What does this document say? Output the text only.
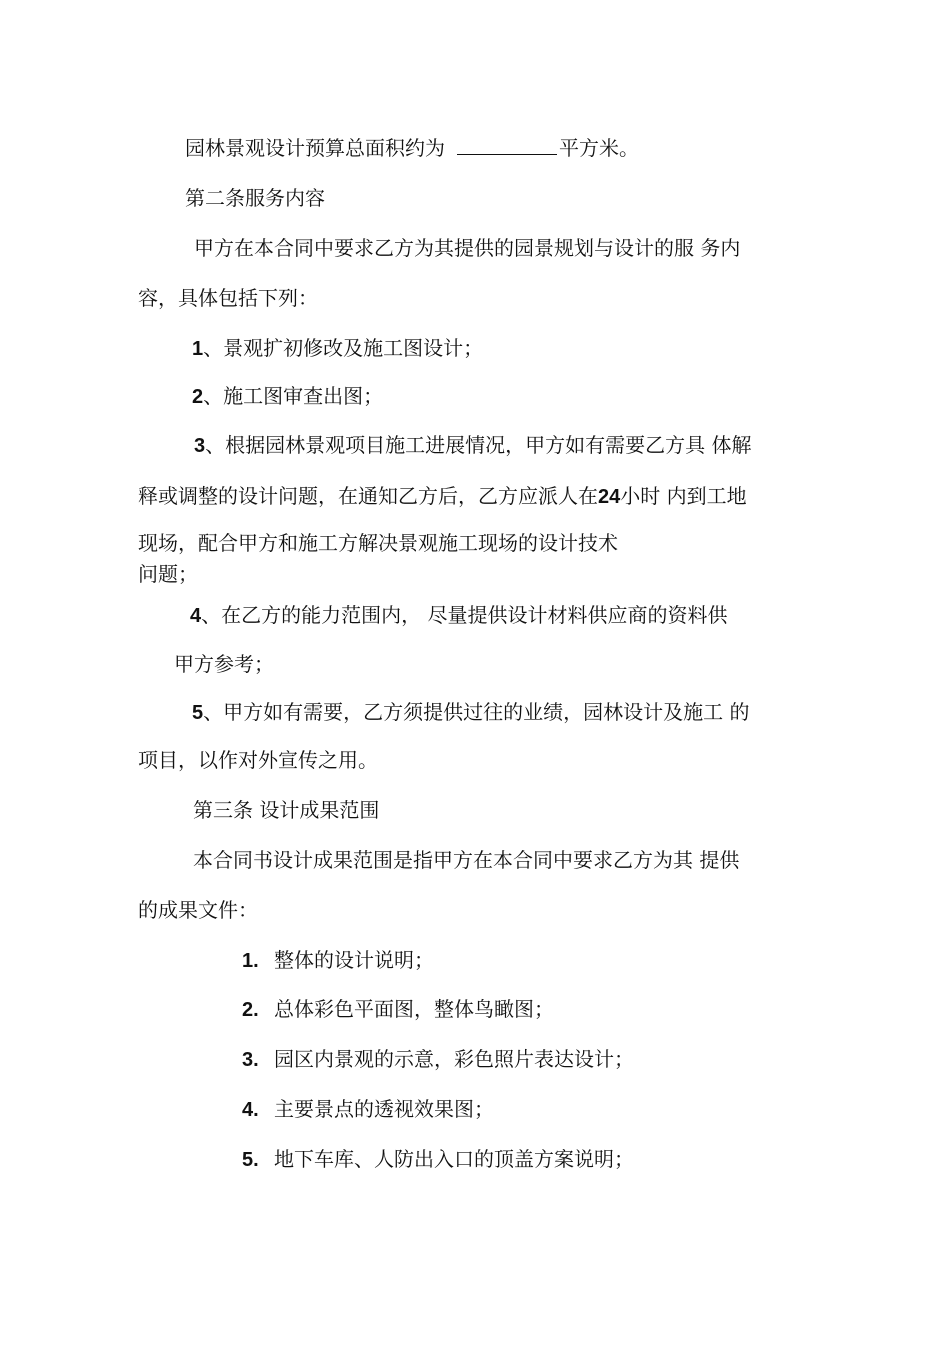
园林景观设计预算总面积约为	平方米。
第二条服务内容
甲方在本合同中要求乙方为其提供的园景规划与设计的服 务内
容，具体包括下列：
1、景观扩初修改及施工图设计；
2、施工图审查出图；
3、根据园林景观项目施工进展情况，甲方如有需要乙方具 体解
释或调整的设计问题，在通知乙方后，乙方应派人在24小时 内到工地
现场，配合甲方和施工方解决景观施工现场的设计技术
问题；
4、在乙方的能力范围内， 尽量提供设计材料供应商的资料供
甲方参考；
5、甲方如有需要，乙方须提供过往的业绩，园林设计及施工 的
项目，以作对外宣传之用。
第三条 设计成果范围
本合同书设计成果范围是指甲方在本合同中要求乙方为其 提供
的成果文件：
1. 整体的设计说明；
2. 总体彩色平面图，整体鸟瞰图；
3. 园区内景观的示意，彩色照片表达设计；
4. 主要景点的透视效果图；
5. 地下车库、人防出入口的顶盖方案说明；
